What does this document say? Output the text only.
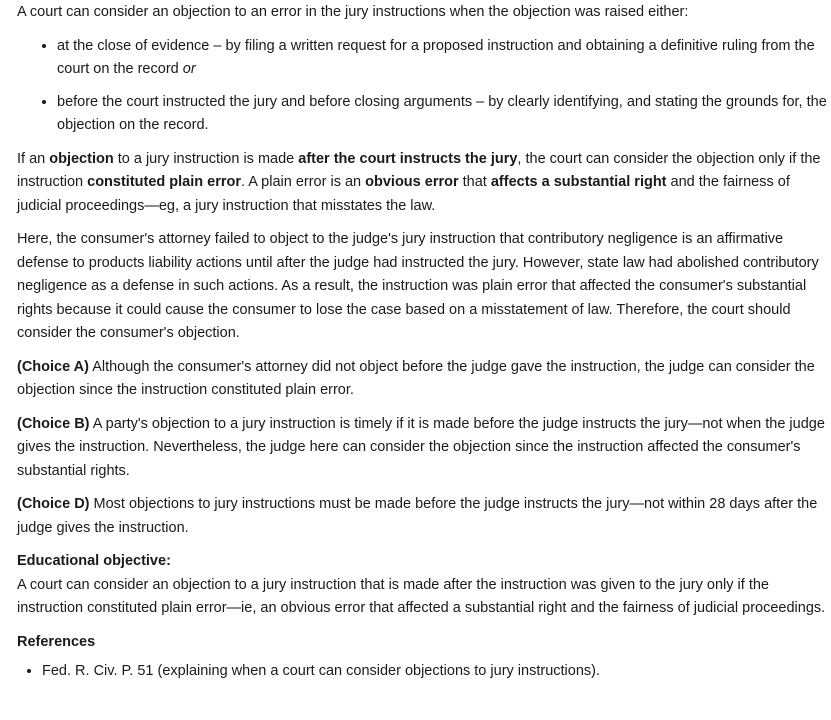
A court can consider an objection to an error in the jury instructions when the objection was raised either:

• at the close of evidence – by filing a written request for a proposed instruction and obtaining a definitive ruling from the court on the record or
• before the court instructed the jury and before closing arguments – by clearly identifying, and stating the grounds for, the objection on the record.

If an objection to a jury instruction is made after the court instructs the jury, the court can consider the objection only if the instruction constituted plain error. A plain error is an obvious error that affects a substantial right and the fairness of judicial proceedings—eg, a jury instruction that misstates the law.

Here, the consumer's attorney failed to object to the judge's jury instruction that contributory negligence is an affirmative defense to products liability actions until after the judge had instructed the jury. However, state law had abolished contributory negligence as a defense in such actions. As a result, the instruction was plain error that affected the consumer's substantial rights because it could cause the consumer to lose the case based on a misstatement of law. Therefore, the court should consider the consumer's objection.

(Choice A) Although the consumer's attorney did not object before the judge gave the instruction, the judge can consider the objection since the instruction constituted plain error.

(Choice B) A party's objection to a jury instruction is timely if it is made before the judge instructs the jury—not when the judge gives the instruction. Nevertheless, the judge here can consider the objection since the instruction affected the consumer's substantial rights.

(Choice D) Most objections to jury instructions must be made before the judge instructs the jury—not within 28 days after the judge gives the instruction.

Educational objective:
A court can consider an objection to a jury instruction that is made after the instruction was given to the jury only if the instruction constituted plain error—ie, an obvious error that affected a substantial right and the fairness of judicial proceedings.
References
• Fed. R. Civ. P. 51 (explaining when a court can consider objections to jury instructions).
